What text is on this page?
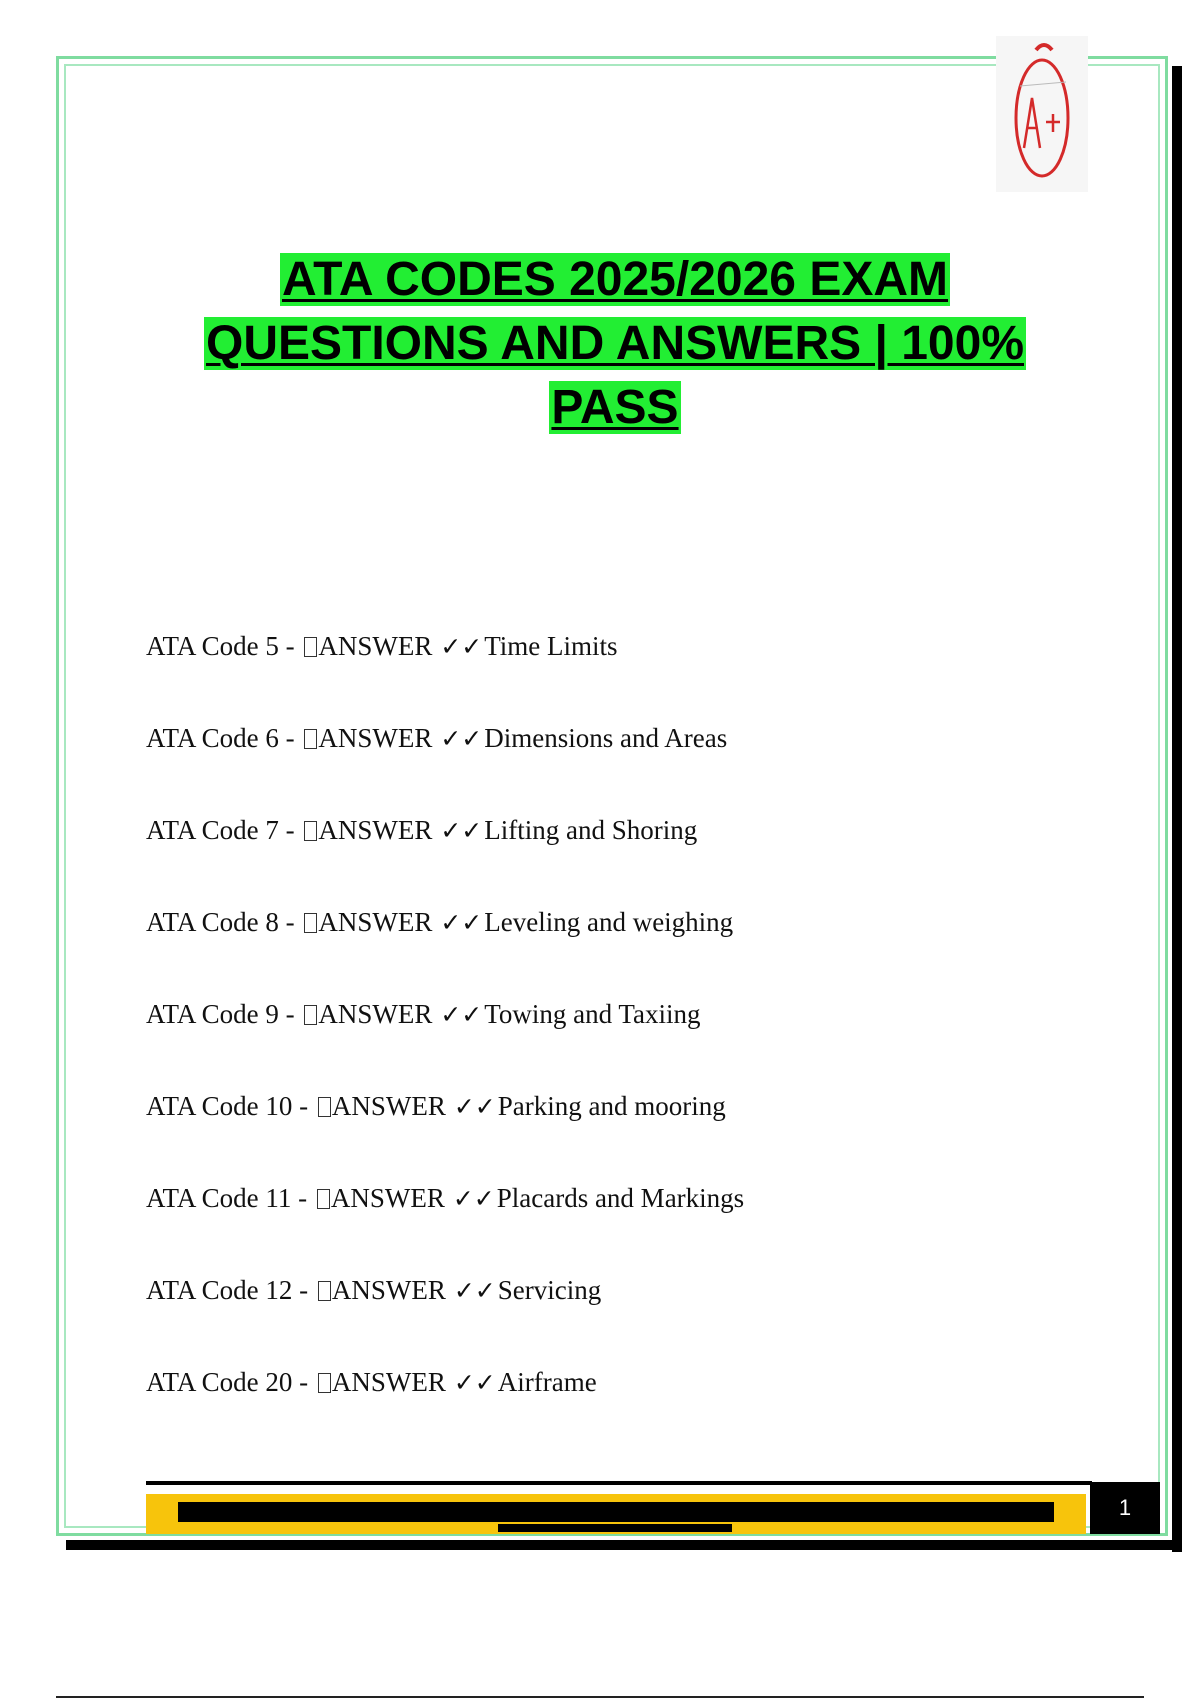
ATA CODES 2025/2026 EXAM
QUESTIONS AND ANSWERS | 100%
PASS
ATA Code 5 - ANSWER ✓✓Time Limits
ATA Code 6 - ANSWER ✓✓Dimensions and Areas
ATA Code 7 - ANSWER ✓✓Lifting and Shoring
ATA Code 8 - ANSWER ✓✓Leveling and weighing
ATA Code 9 - ANSWER ✓✓Towing and Taxiing
ATA Code 10 - ANSWER ✓✓Parking and mooring
ATA Code 11 - ANSWER ✓✓Placards and Markings
ATA Code 12 - ANSWER ✓✓Servicing
ATA Code 20 - ANSWER ✓✓Airframe
1
